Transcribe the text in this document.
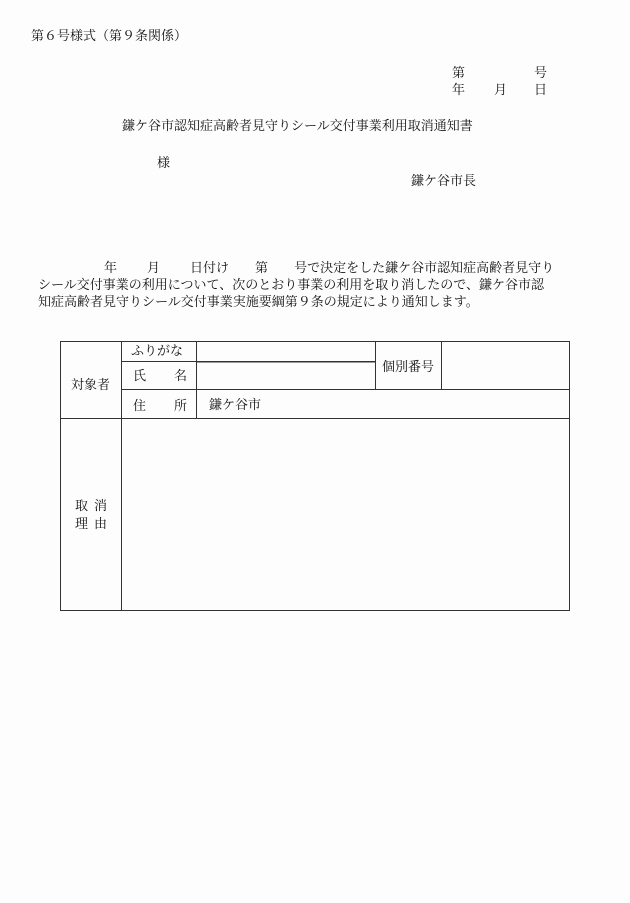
第６号様式（第９条関係）
第	号
年 月 日
鎌ケ谷市認知症高齢者見守りシール交付事業利用取消通知書
様
鎌ケ谷市長
年 月 日付け 第 号で決定をした鎌ケ谷市認知症高齢者見守り
シール交付事業の利用について、次のとおり事業の利用を取り消したので、鎌ケ谷市認
知症高齢者見守りシール交付事業実施要綱第９条の規定により通知します。
対象者
ふりがな
氏 名
個別番号
住 所 鎌ケ谷市
取 消
理 由
